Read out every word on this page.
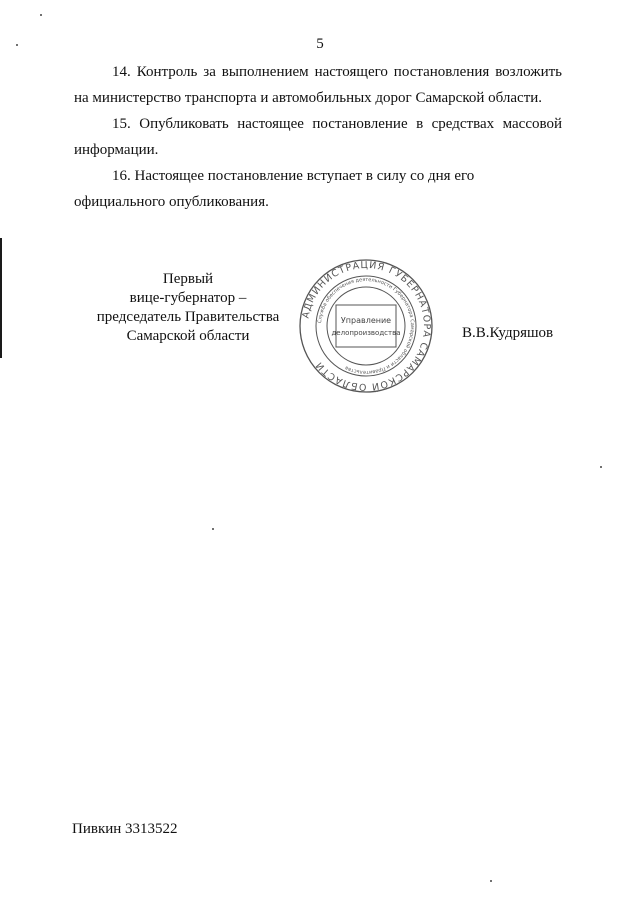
5

14. Контроль за выполнением настоящего постановления возложить на министерство транспорта и автомобильных дорог Самарской области.

15. Опубликовать настоящее постановление в средствах массовой информации.

16. Настоящее постановление вступает в силу со дня его
официального опубликования.

Первый
вице-губернатор –
председатель Правительства
Самарской области
АДМИНИСТРАЦИЯ ГУБЕРНАТОРА САМАРСКОЙ ОБЛАСТИ
Служба обеспечения деятельности Губернатора Самарской области и Правительства
Управление
делопроизводства	В.В.Кудряшов
Пивкин 3313522
